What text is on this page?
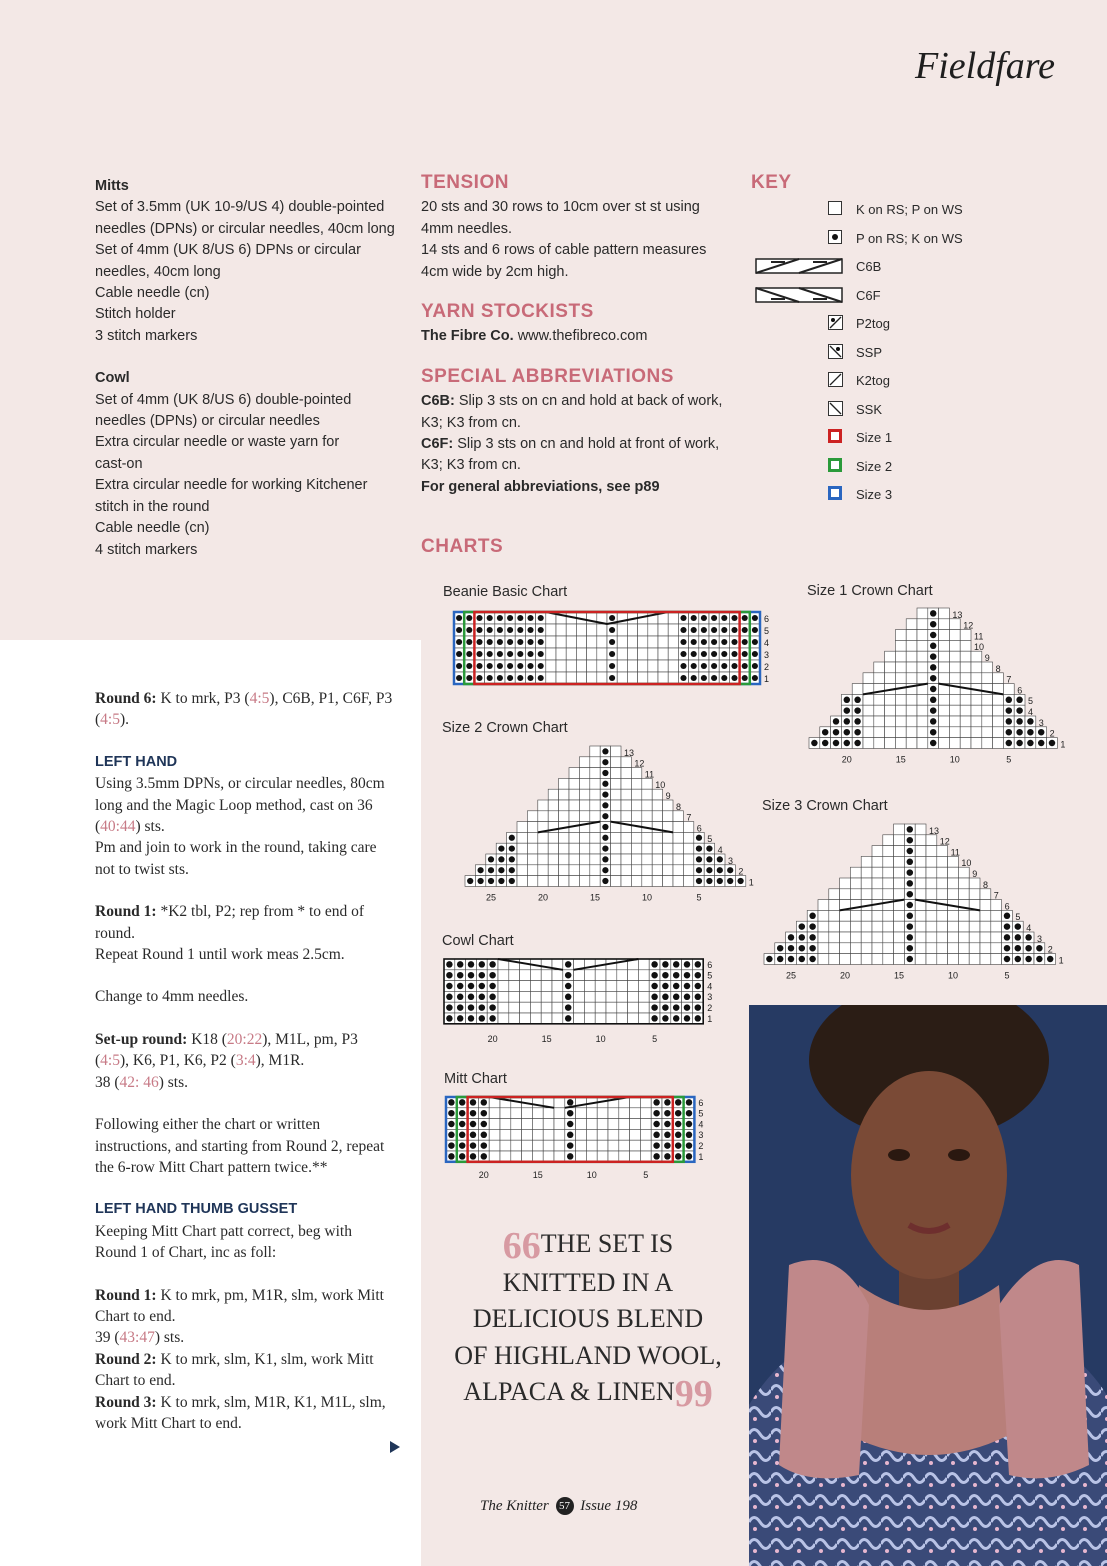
Fieldfare
Mitts
Set of 3.5mm (UK 10-9/US 4) double-pointed
needles (DPNs) or circular needles, 40cm long
Set of 4mm (UK 8/US 6) DPNs or circular
needles, 40cm long
Cable needle (cn)
Stitch holder
3 stitch markers
Cowl
Set of 4mm (UK 8/US 6) double-pointed
needles (DPNs) or circular needles
Extra circular needle or waste yarn for
cast-on
Extra circular needle for working Kitchener
stitch in the round
Cable needle (cn)
4 stitch markers
TENSION
20 sts and 30 rows to 10cm over st st using
4mm needles.
14 sts and 6 rows of cable pattern measures
4cm wide by 2cm high.
YARN STOCKISTS
The Fibre Co. www.thefibreco.com
SPECIAL ABBREVIATIONS
C6B: Slip 3 sts on cn and hold at back of work,
K3; K3 from cn.
C6F: Slip 3 sts on cn and hold at front of work,
K3; K3 from cn.
For general abbreviations, see p89
KEY
K on RS; P on WS
P on RS; K on WS
C6B
C6F
P2tog
SSP
K2tog
SSK
Size 1
Size 2
Size 3
CHARTS
Beanie Basic Chart
6
5
4
3
2
1
Size 1 Crown Chart
13
12
11
10
9
8
7
6
5
4
3
2
1
20	15	10	5
Size 2 Crown Chart
13
12
11
10
9
8
7
6
5
4
3
2
1
25	20	15	10	5
Size 3 Crown Chart
13
12
11
10
9
8
7
6
5
4
3
2
1
25	20	15	10	5
Cowl Chart
6
5
4
3
2
1
20	15	10	5
Mitt Chart
6
5
4
3
2
1
20	15	10	5

Round 6: K to mrk, P3 (4:5), C6B, P1, C6F, P3 (4:5).

LEFT HAND

Using 3.5mm DPNs, or circular needles, 80cm long and the Magic Loop method, cast on 36 (40:44) sts.
Pm and join to work in the round, taking care not to twist sts.

Round 1: *K2 tbl, P2; rep from * to end of round.
Repeat Round 1 until work meas 2.5cm.

Change to 4mm needles.

Set-up round: K18 (20:22), M1L, pm, P3 (4:5), K6, P1, K6, P2 (3:4), M1R.
38 (42: 46) sts.

Following either the chart or written instructions, and starting from Round 2, repeat the 6-row Mitt Chart pattern twice.**

LEFT HAND THUMB GUSSET

Keeping Mitt Chart patt correct, beg with Round 1 of Chart, inc as foll:

Round 1: K to mrk, pm, M1R, slm, work Mitt Chart to end.
39 (43:47) sts.
Round 2: K to mrk, slm, K1, slm, work Mitt Chart to end.
Round 3: K to mrk, slm, M1R, K1, M1L, slm, work Mitt Chart to end.
66THE SET IS
KNITTED IN A
DELICIOUS BLEND
OF HIGHLAND WOOL,
ALPACA & LINEN99
The Knitter 57 Issue 198
